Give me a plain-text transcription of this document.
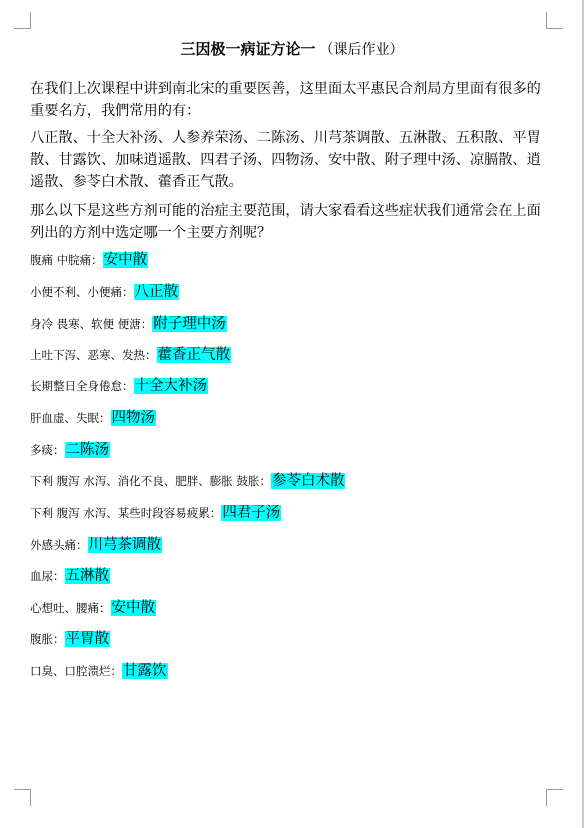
三因极一病证方论一 （课后作业）

在我们上次课程中讲到南北宋的重要医善，这里面太平惠民合剂局方里面有很多的重要名方，我們常用的有：

八正散、十全大补汤、人参养荣汤、二陈汤、川芎茶调散、五淋散、五积散、平胃散、甘露饮、加味逍遥散、四君子汤、四物汤、安中散、附子理中汤、凉膈散、逍遥散、参苓白术散、藿香正气散。

那么以下是这些方剂可能的治症主要范围，请大家看看这些症状我们通常会在上面列出的方剂中选定哪一个主要方剂呢？

腹痛 中脘痛：安中散
小便不利、小便痛：八正散
身冷 畏寒、软便 便溏：附子理中汤
上吐下泻、恶寒、发热：藿香正气散
长期整日全身倦怠：十全大补汤
肝血虚、失眠：四物汤
多痰：二陈汤
下利 腹泻 水泻、消化不良、肥胖、膨胀 鼓胀：参苓白术散
下利 腹泻 水泻、某些时段容易疲累：四君子汤
外感头痛：川芎茶调散
血尿：五淋散
心想吐、腰痛：安中散
腹胀：平胃散
口臭、口腔溃烂：甘露饮
